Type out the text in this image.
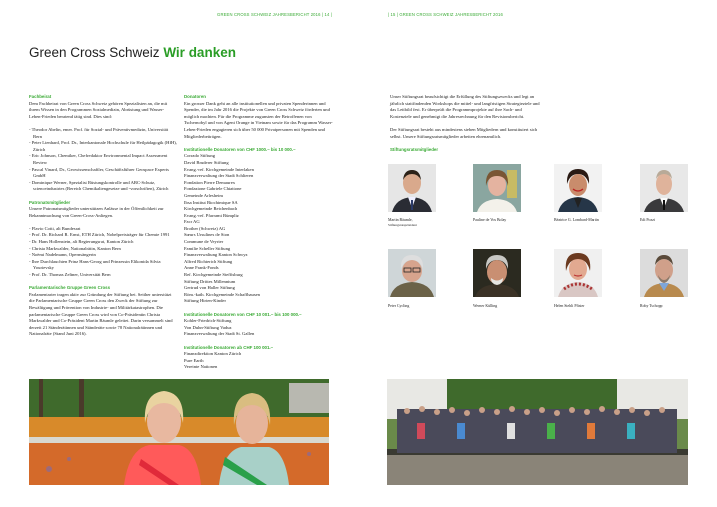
GREEN CROSS SCHWEIZ JAHRESBERICHT 2016 | 14 |	| 15 | GREEN CROSS SCHWEIZ JAHRESBERICHT 2016
Green Cross Schweiz Wir danken

Fachbeirat

Dem Fachbeirat von Green Cross Schweiz gehören Spezialisten an, die mit ihrem Wissen in den Programmen Sozialmedizin, Abrüstung und Wasser-Leben-Frieden beratend tätig sind. Dies sind:

- Theodor Abelin, emer. Prof. für Sozial- und Präventivmedizin, Universität Bern
- Peter Lienhard, Prof. Dr., Interkantonale Hochschule für Heilpädagogik (HfH), Zürich
- Eric Johnson, Chemiker, Chefredaktor Environmental Impact Assessment Review
- Pascal Vinard, Dr., Geowissenschaftler, Geschäftsführer Geospace Experts GmbH
- Dominique Werner, Spezialist Rüstungskontrolle und ABC-Schutz, scienceindustries (Bereich Chemikaliengesetze und -vorschriften), Zürich

Patronatsmitglieder

Unsere Patronatsmitglieder unterstützen Anlässe in der Öffentlichkeit zur Bekanntmachung von Green-Cross-Anliegen.

- Flavio Cotti, alt Bundesrat
- Prof. Dr. Richard R. Ernst, ETH Zürich, Nobelpreisträger für Chemie 1991
- Dr. Hans Hollenstein, alt Regierungsrat, Kanton Zürich
- Christa Markwalder, Nationalrätin, Kanton Bern
- Noëmi Nadelmann, Opernsängerin
- Ihre Durchlauchten Prinz Hans-Georg und Prinzessin Elikonida Silvia Yourievsky
- Prof. Dr. Thomas Zeltner, Universität Bern

Parlamentarische Gruppe Green Cross

Parlamentarier tragen aktiv zur Gründung der Stiftung bei. Seither unterstützt die Parlamentarische Gruppe Green Cross den Zweck der Stiftung zur Bewältigung und Prävention von Industrie- und Militärkatastrophen. Die parlamentarische Gruppe Green Cross wird von Co-Präsidentin Christa Markwalder und Co-Präsident Martin Bäumle geleitet. Darin versammelt sind derzeit 21 Ständerätinnen und Ständeräte sowie 78 Nationalrätinnen und Nationalräte (Stand Juni 2016).

Donatoren

Ein grosser Dank geht an alle institutionellen und privaten Spenderinnen und Spender, die im Jahr 2016 die Projekte von Green Cross Schweiz förderten und möglich machten. Für die Programme zugunsten der Betroffenen von Tschernobyl und von Agent Orange in Vietnam sowie für das Programm Wasser-Leben-Frieden engagieren sich über 50 000 Privatpersonen mit Spenden und Mitgliederbeiträgen.

Institutionelle Donatoren von CHF 1000.– bis 10 000.–

Corrado Stiftung

David Bruderer Stiftung

Evang.-ref. Kirchgemeinde Interlaken

Finanzverwaltung der Stadt Schlieren

Fondation Pierre Demaurex

Fondazione Gabriele Chiattone

Gemeinde Arlesheim

Ibsa Institut Biochimique SA

Kirchgemeinde Reichenbach

Evang.-ref. Pfarramt Bümpliz

Facr AG

Brother (Schweiz) AG

Sœurs Ursulines de Sion

Commune de Veyrier

Familie Scheller Stiftung

Finanzverwaltung Kanton Schwyz

Alfred Richterich Stiftung

Anne Frank-Fonds

Ref. Kirchgemeinde Steffisburg

Stiftung Drittes Millennium

Gertrud von Haller Stiftung

Röm.-kath. Kirchgemeinde Schaffhausen

Stiftung Hirten-Kinder

Institutionelle Donatoren von CHF 10 001.– bis 100 000.–

Kohler-Friedrich-Stiftung

Von Duhn-Stiftung Vaduz

Finanzverwaltung der Stadt St. Gallen

Institutionelle Donatoren ab CHF 100 001.–

Finanzdirektion Kanton Zürich

Pure Earth

Vereinte Nationen

Unser Stiftungsrat beaufsichtigt die Erfüllung des Stiftungszwecks und legt an jährlich stattfindenden Workshops die mittel- und langfristigen Strategieziele und das Leitbild fest. Er überprüft die Programmprojekte auf ihre Sach- und Kostenziele und genehmigt die Jahresrechnung für den Revisionsbericht.

Der Stiftungsrat besteht aus mindestens sieben Mitgliedern und konstituiert sich selbst. Unsere Stiftungsratsmitglieder arbeiten ehrenamtlich.

Stiftungsratsmitglieder

Martin Bäumle,
Stiftungsratspräsident
Pauline de Vos Bolay	Béatrice G. Lombard-Martin	Edi Pozzi
Peter Cycling	Werner Külling	Helen Stehli Pfister	Roby Tschopp
